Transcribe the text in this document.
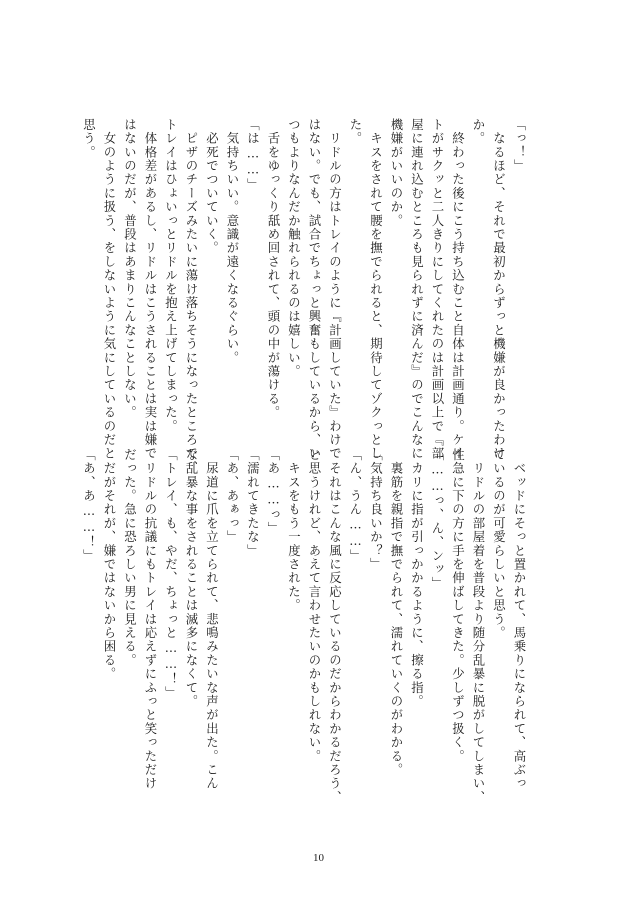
「っ！」
　なるほど、それで最初からずっと機嫌が良かったわけ
か。
　終わった後にこう持ち込むこと自体は計画通り。ケイ
トがサクッと二人きりにしてくれたのは計画以上で『部
屋に連れ込むところも見られずに済んだ』のでこんなに
機嫌がいいのか。
　キスをされて腰を撫でられると、期待してゾクっとし
た。
　リドルの方はトレイのように『計画していた』わけで
はない。でも、試合でちょっと興奮もしているから、い
つもよりなんだか触れられるのは嬉しい。
　舌をゆっくり舐め回されて、頭の中が蕩ける。
「は……」
　気持ちいい。意識が遠くなるぐらい。
　必死でついていく。
　ピザのチーズみたいに蕩け落ちそうになったところで、
トレイはひょいっとリドルを抱え上げてしまった。
　体格差があるし、リドルはこうされることは実は嫌で
はないのだが、普段はあまりこんなことしない。
　女のように扱う、をしないように気にしているのだと
思う。
　ベッドにそっと置かれて、馬乗りになられて、高ぶっ
ているのが可愛らしいと思う。
　リドルの部屋着を普段より随分乱暴に脱がしてしまい、
性急に下の方に手を伸ばしてきた。少しずつ扱く。
「……っ、ん、ンッ」
　カリに指が引っかかるように、擦る指。
　裏筋を親指で撫でられて、濡れていくのがわかる。
「気持ち良いか？」
「ん、うん……」
　それはこんな風に反応しているのだからわかるだろう、
と思うけれど、あえて言わせたいのかもしれない。
　キスをもう一度された。
「あ……っ」
「濡れてきたな」
「あ、あぁっ」
　尿道に爪を立てられて、悲鳴みたいな声が出た。こん
な乱暴な事をされることは滅多になくて。
「トレイ、も、やだ、ちょっと……！」
　リドルの抗議にもトレイは応えずにふっと笑っただけ
だった。急に恐ろしい男に見える。
　だがそれが、嫌ではないから困る。
「あ、あ……！」
10
